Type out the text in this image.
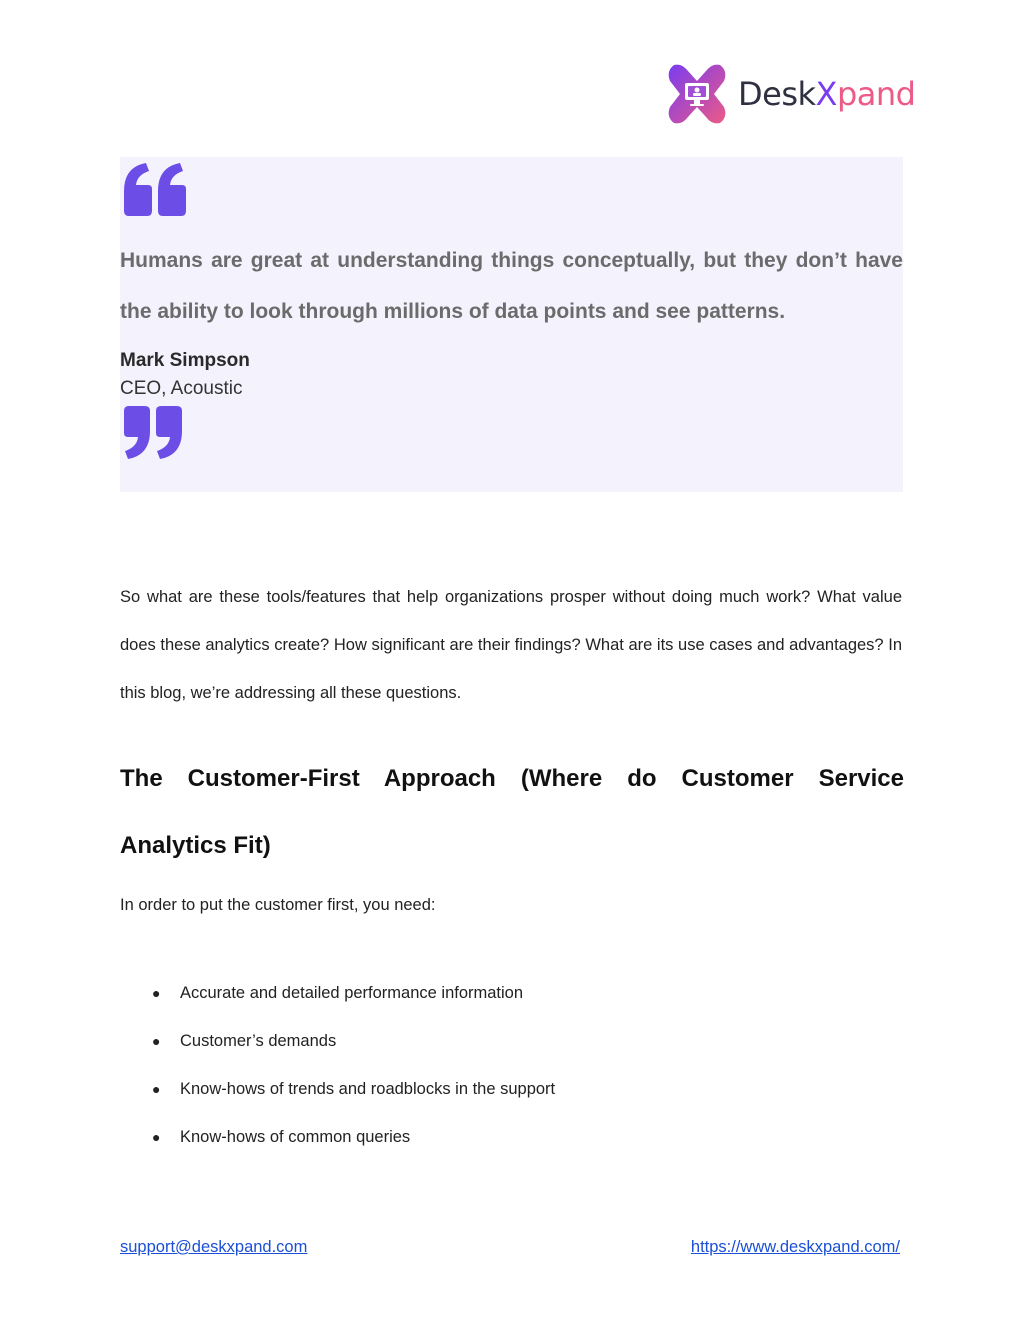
DeskXpand

Humans are great at understanding things conceptually, but they don’t have the ability to look through millions of data points and see patterns.

Mark Simpson
CEO, Acoustic

So what are these tools/features that help organizations prosper without doing much work? What value does these analytics create? How significant are their findings? What are its use cases and advantages? In this blog, we’re addressing all these questions.

The Customer-First Approach (Where do Customer Service Analytics Fit)

In order to put the customer first, you need:

● Accurate and detailed performance information
● Customer’s demands
● Know-hows of trends and roadblocks in the support
● Know-hows of common queries
support@deskxpand.com	https://www.deskxpand.com/
